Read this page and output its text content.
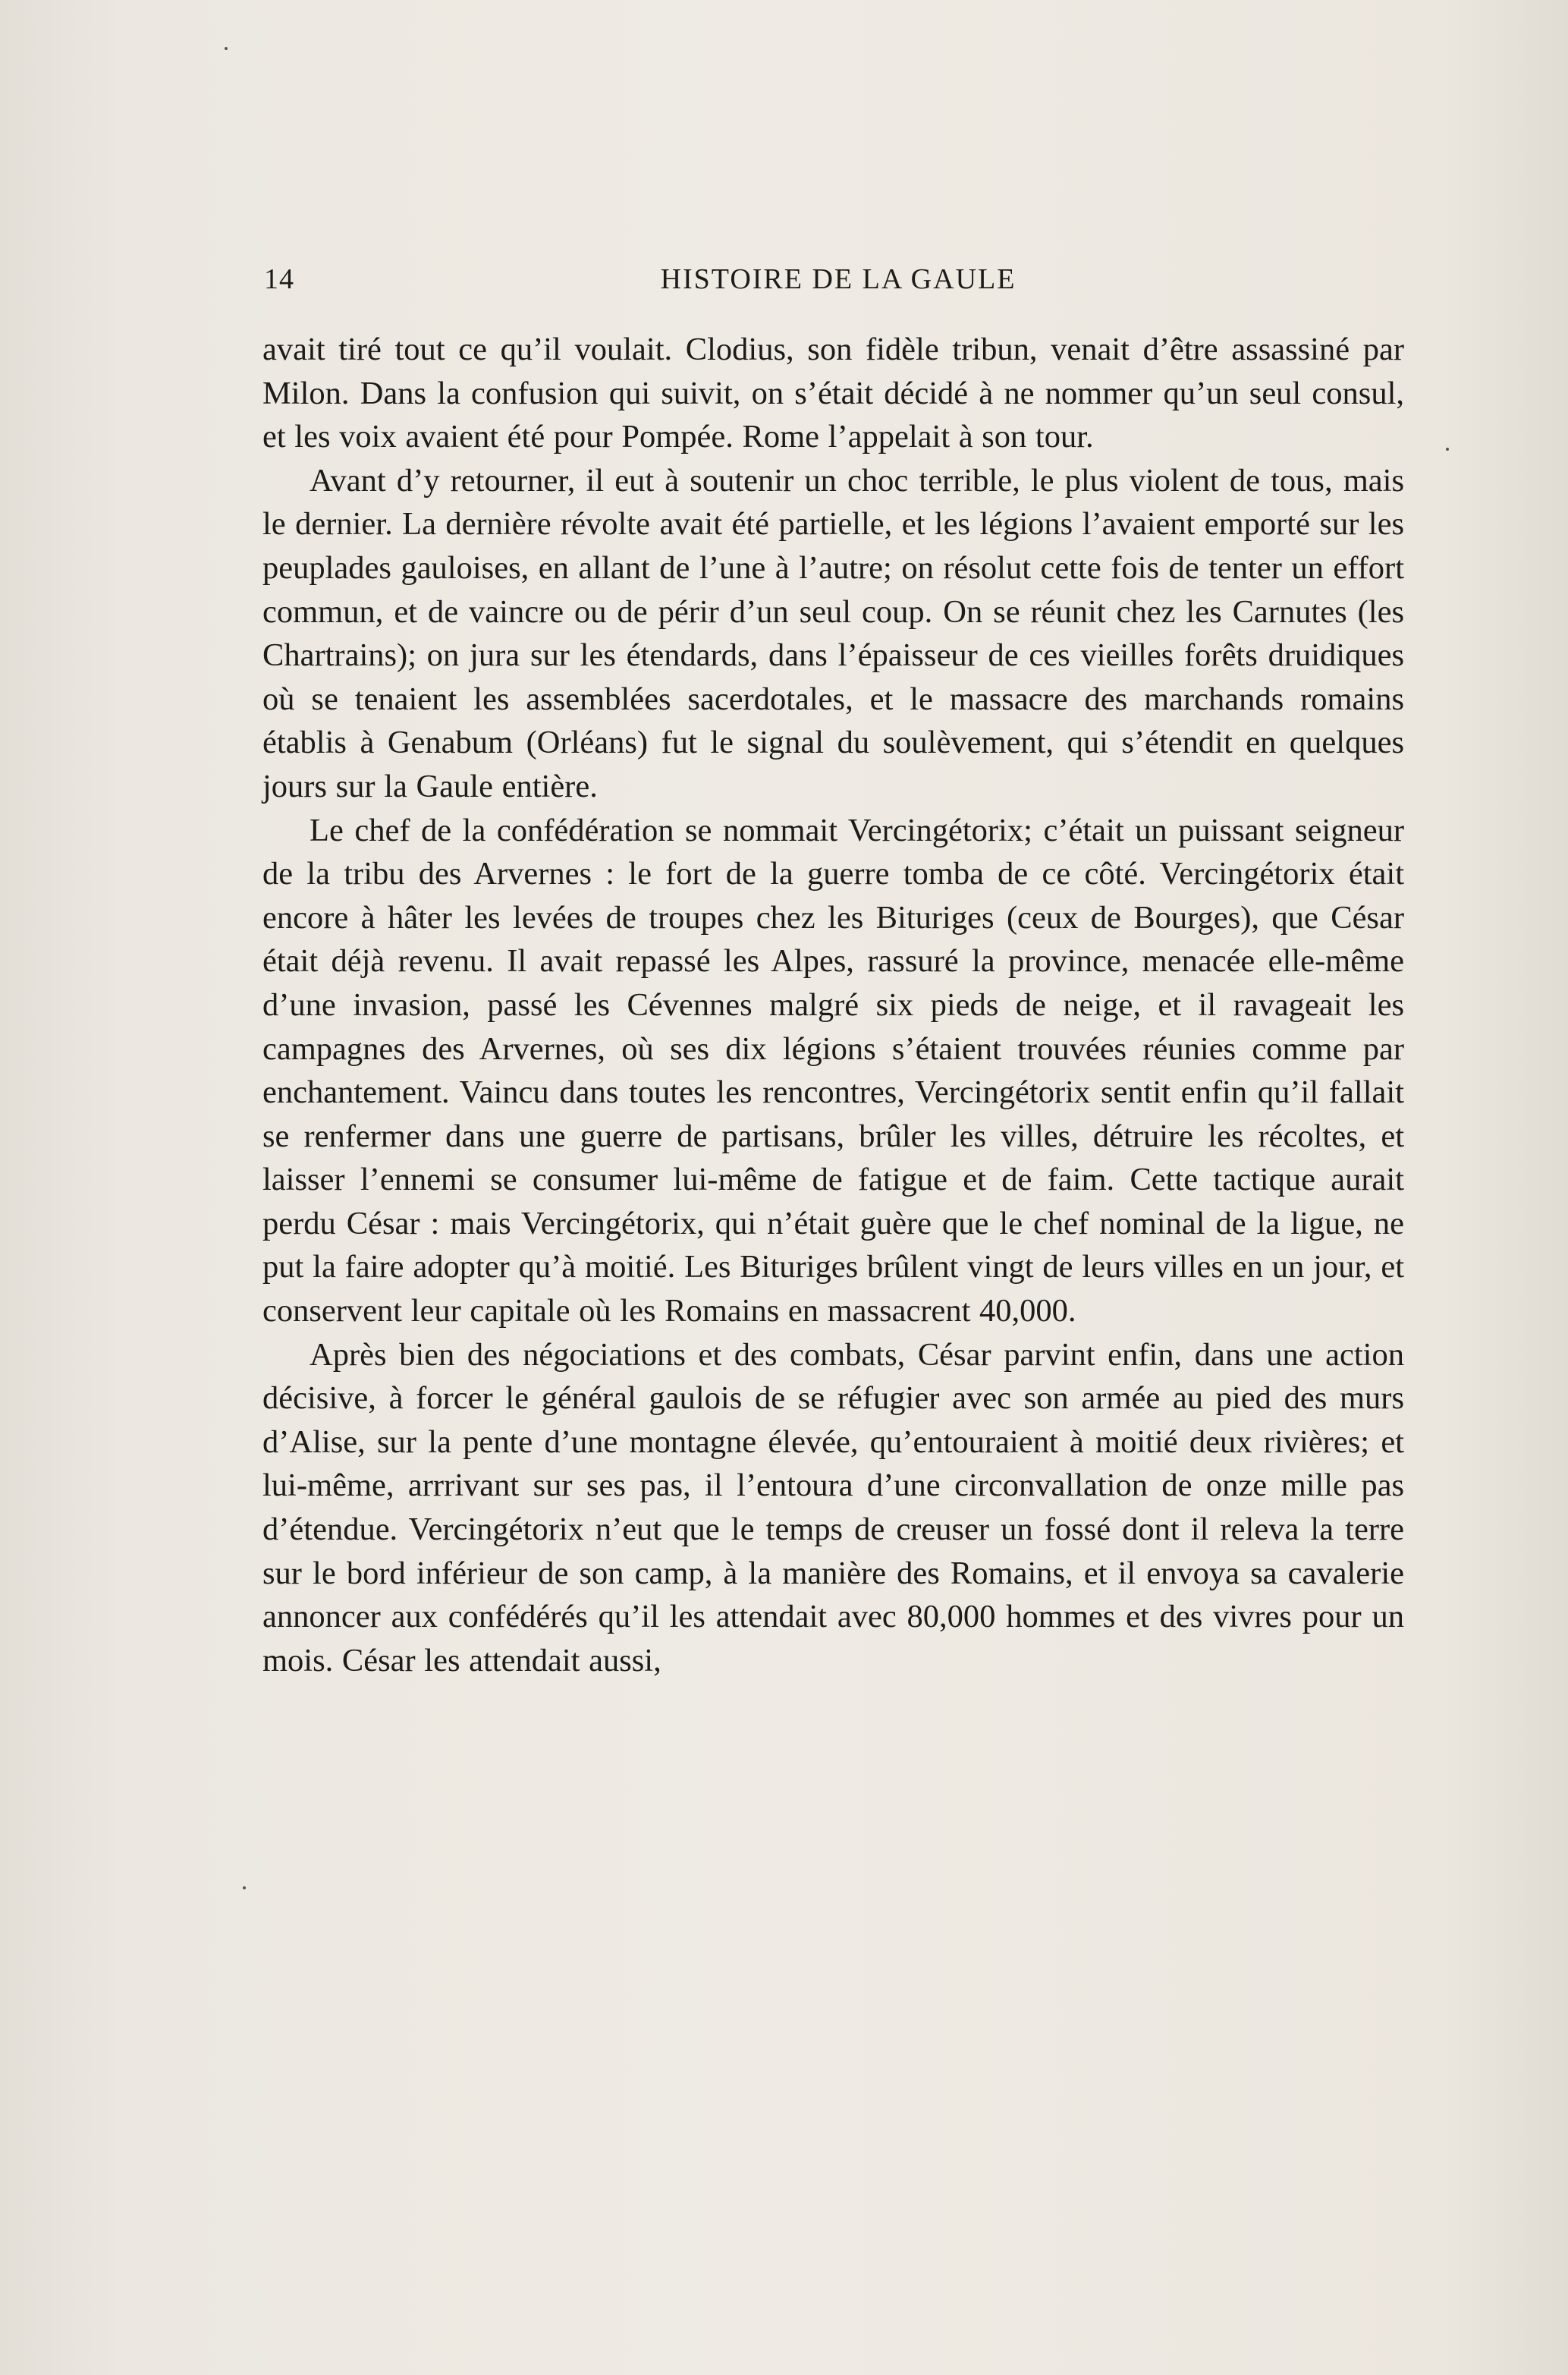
14	HISTOIRE DE LA GAULE

avait tiré tout ce qu’il voulait. Clodius, son fidèle tribun, venait d’être assassiné par Milon. Dans la confusion qui suivit, on s’était décidé à ne nommer qu’un seul consul, et les voix avaient été pour Pompée. Rome l’appelait à son tour.

Avant d’y retourner, il eut à soutenir un choc terrible, le plus violent de tous, mais le dernier. La dernière révolte avait été partielle, et les légions l’avaient emporté sur les peuplades gauloises, en allant de l’une à l’autre; on résolut cette fois de tenter un effort commun, et de vaincre ou de périr d’un seul coup. On se réunit chez les Carnutes (les Chartrains); on jura sur les étendards, dans l’épaisseur de ces vieilles forêts druidiques où se tenaient les assemblées sacerdotales, et le massacre des marchands romains établis à Genabum (Orléans) fut le signal du soulèvement, qui s’étendit en quelques jours sur la Gaule entière.

Le chef de la confédération se nommait Vercingétorix; c’était un puissant seigneur de la tribu des Arvernes : le fort de la guerre tomba de ce côté. Vercingétorix était encore à hâter les levées de troupes chez les Bituriges (ceux de Bourges), que César était déjà revenu. Il avait repassé les Alpes, rassuré la province, menacée elle-même d’une invasion, passé les Cévennes malgré six pieds de neige, et il ravageait les campagnes des Arvernes, où ses dix légions s’étaient trouvées réunies comme par enchantement. Vaincu dans toutes les rencontres, Vercingétorix sentit enfin qu’il fallait se renfermer dans une guerre de partisans, brûler les villes, détruire les récoltes, et laisser l’ennemi se consumer lui-même de fatigue et de faim. Cette tactique aurait perdu César : mais Vercingétorix, qui n’était guère que le chef nominal de la ligue, ne put la faire adopter qu’à moitié. Les Bituriges brûlent vingt de leurs villes en un jour, et conservent leur capitale où les Romains en massacrent 40,000.

Après bien des négociations et des combats, César parvint enfin, dans une action décisive, à forcer le général gaulois de se réfugier avec son armée au pied des murs d’Alise, sur la pente d’une montagne élevée, qu’entouraient à moitié deux rivières; et lui-même, arrrivant sur ses pas, il l’entoura d’une circonvallation de onze mille pas d’étendue. Vercingétorix n’eut que le temps de creuser un fossé dont il releva la terre sur le bord inférieur de son camp, à la manière des Romains, et il envoya sa cavalerie annoncer aux confédérés qu’il les attendait avec 80,000 hommes et des vivres pour un mois. César les attendait aussi,
